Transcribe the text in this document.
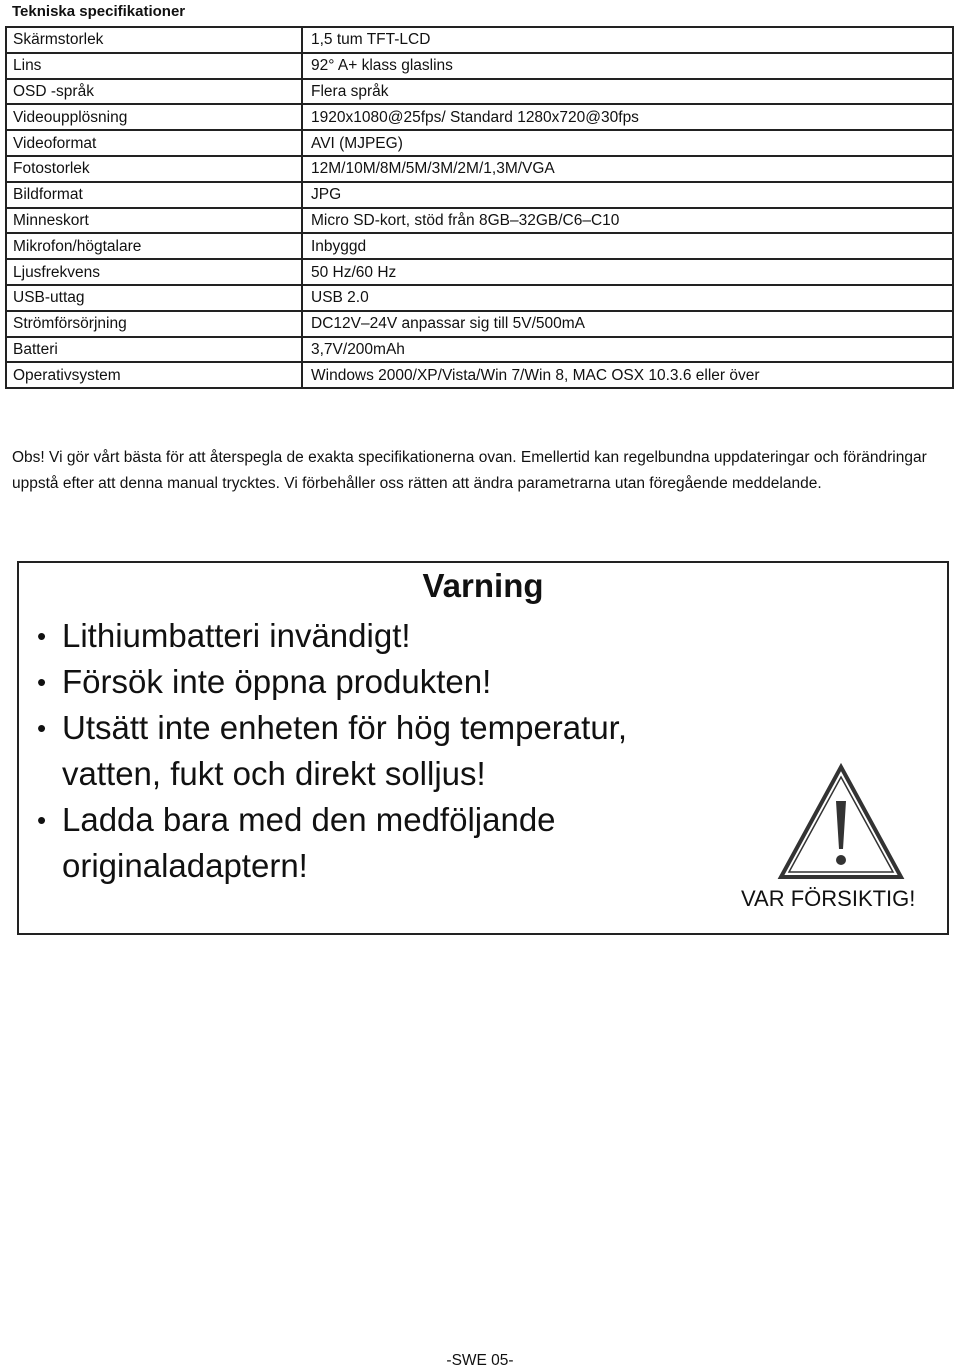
Tekniska specifikationer
Skärmstorlek	1,5 tum TFT-LCD
Lins	92° A+ klass glaslins
OSD -språk	Flera språk
Videoupplösning	1920x1080@25fps/ Standard 1280x720@30fps
Videoformat	AVI (MJPEG)
Fotostorlek	12M/10M/8M/5M/3M/2M/1,3M/VGA
Bildformat	JPG
Minneskort	Micro SD-kort, stöd från 8GB–32GB/C6–C10
Mikrofon/högtalare	Inbyggd
Ljusfrekvens	50 Hz/60 Hz
USB-uttag	USB 2.0
Strömförsörjning	DC12V–24V anpassar sig till 5V/500mA
Batteri	3,7V/200mAh
Operativsystem	Windows 2000/XP/Vista/Win 7/Win 8, MAC OSX 10.3.6 eller över

Obs! Vi gör vårt bästa för att återspegla de exakta specifikationerna ovan. Emellertid kan regelbundna uppdateringar och förändringar

uppstå efter att denna manual trycktes. Vi förbehåller oss rätten att ändra parametrarna utan föregående meddelande.

Varning
• Lithiumbatteri invändigt!
• Försök inte öppna produkten!
• Utsätt inte enheten för hög temperatur, vatten, fukt och direkt solljus!
• Ladda bara med den medföljande originaladaptern!
VAR FÖRSIKTIG!
-SWE 05-
